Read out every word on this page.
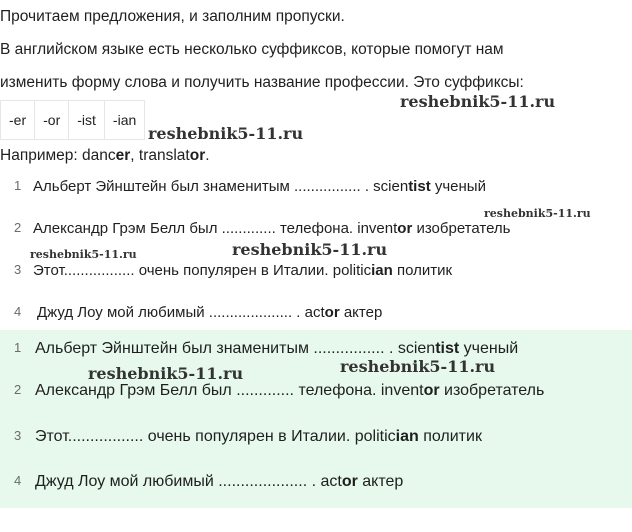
Прочитаем предложения, и заполним пропуски.
В английском языке есть несколько суффиксов, которые помогут нам
изменить форму слова и получить название профессии. Это суффиксы:
-er	-or	-ist	-ian
Например: dancer, translator.
1 Альберт Эйнштейн был знаменитым ................ . scientist ученый
2 Александр Грэм Белл был ............. телефона. inventor изобретатель
3 Этот................. очень популярен в Италии. politician политик
4 Джуд Лоу мой любимый .................... . actor актер
1 Альберт Эйнштейн был знаменитым ................ . scientist ученый
2 Александр Грэм Белл был ............. телефона. inventor изобретатель
3 Этот................. очень популярен в Италии. politician политик
4 Джуд Лоу мой любимый .................... . actor актер
reshebnik5-11.ru
reshebnik5-11.ru
reshebnik5-11.ru
reshebnik5-11.ru	reshebnik5-11.ru
reshebnik5-11.ru	reshebnik5-11.ru
